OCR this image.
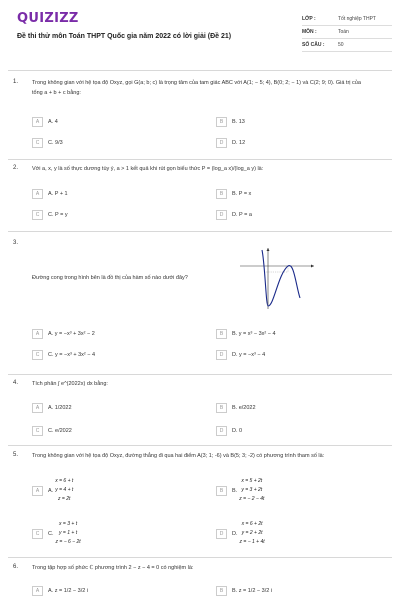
QUIZIZZ
Đề thi thử môn Toán THPT Quốc gia năm 2022 có lời giải (Đề 21)
LỚP :	Tốt nghiệp THPT
MÔN :	Toán
SỐ CÂU :	50
1.	Trong không gian với hệ tọa độ Oxyz, gọi G(a; b; c) là trọng tâm của tam giác ABC với A(1; − 5; 4), B(0; 2; − 1) và C(2; 9; 0). Giá trị của tổng a + b + c bằng:
A	A. 4	B	B. 13
C	C. 9/3	D	D. 12
2.	Với a, x, y là số thực dương tùy ý, a > 1 kết quả khi rút gọn biểu thức P = (log_a x)/(log_a y) là:
A	A. P + 1	B	B. P = x
C	C. P = y	D	D. P = a
3.
Đường cong trong hình bên là đồ thị của hàm số nào dưới đây?
A	A. y = −x³ + 3x² − 2	B	B. y = x³ − 3x² − 4
C	C. y = −x³ + 3x² − 4	D	D. y = −x³ − 4
4.	Tích phân ∫ e^(2022x) dx bằng:
A	A. 1/2022	B	B. e/2022
C	C. e/2022	D	D. 0
5.	Trong không gian với hệ tọa độ Oxyz, đường thẳng đi qua hai điểm A(3; 1; -6) và B(5; 3; -2) có phương trình tham số là:
A	A.
x = 6 + t
y = 4 + t
z = 2t
B	B.
x = 5 + 2t
y = 3 + 2t
z = − 2 − 4t
C	C.
x = 3 + t
y = 1 + t
z = − 6 − 2t
D	D.
x = 6 + 2t
y = 2 + 2t
z = − 1 + 4t
6.	Trong tập hợp số phức ℂ phương trình 2 − z − 4 = 0 có nghiệm là:
A	A. z = 1/2 − 3/2 i	B	B. z = 1/2 − 3/2 i
